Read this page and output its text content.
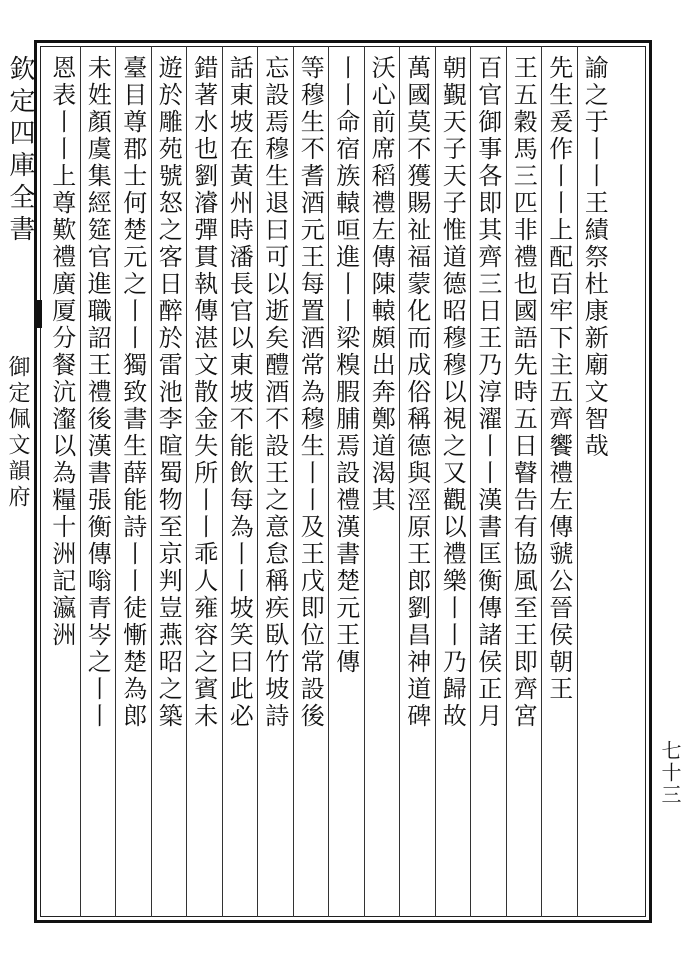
欽定四庫全書
御定佩文韻府	諭之于丨丨王績祭杜康新廟文智哉
先生爰作丨丨上配百牢下主五齊饗禮左傳虢公晉侯朝王
王五穀馬三匹非禮也國語先時五日瞽告有協風至王即齊宮
百官御事各即其齊三日王乃淳濯丨丨漢書匡衡傳諸侯正月
朝覲天子天子惟道德昭穆穆以視之又觀以禮樂丨丨乃歸故
萬國莫不獲賜祉福蒙化而成俗稱德與涇原王郎劉昌神道碑
沃心前席稻禮左傳陳轅頗出奔鄭道渴其
丨丨命宿族轅咺進丨丨梁糗腵脯焉設禮漢書楚元王傳
等穆生不耆酒元王每置酒常為穆生丨丨及王戊即位常設後
忘設焉穆生退曰可以逝矣醴酒不設王之意怠稱疾臥竹坡詩
話東坡在黃州時潘長官以東坡不能飲每為丨丨坡笑曰此必
錯著水也劉濬彈貫執傳湛文散金失所丨丨乖人雍容之賓未
遊於雕苑號怒之客日醉於雷池李暄蜀物至京判豈燕昭之築
臺目尊郡士何楚元之丨丨獨致書生薛能詩丨丨徒慚楚為郎
未姓顏虞集經筵官進職詔王禮後漢書張衡傳嗡青岑之丨丨
恩表丨丨上尊歎禮廣厦分餐沆瀣以為糧十洲記瀛洲
七十三
